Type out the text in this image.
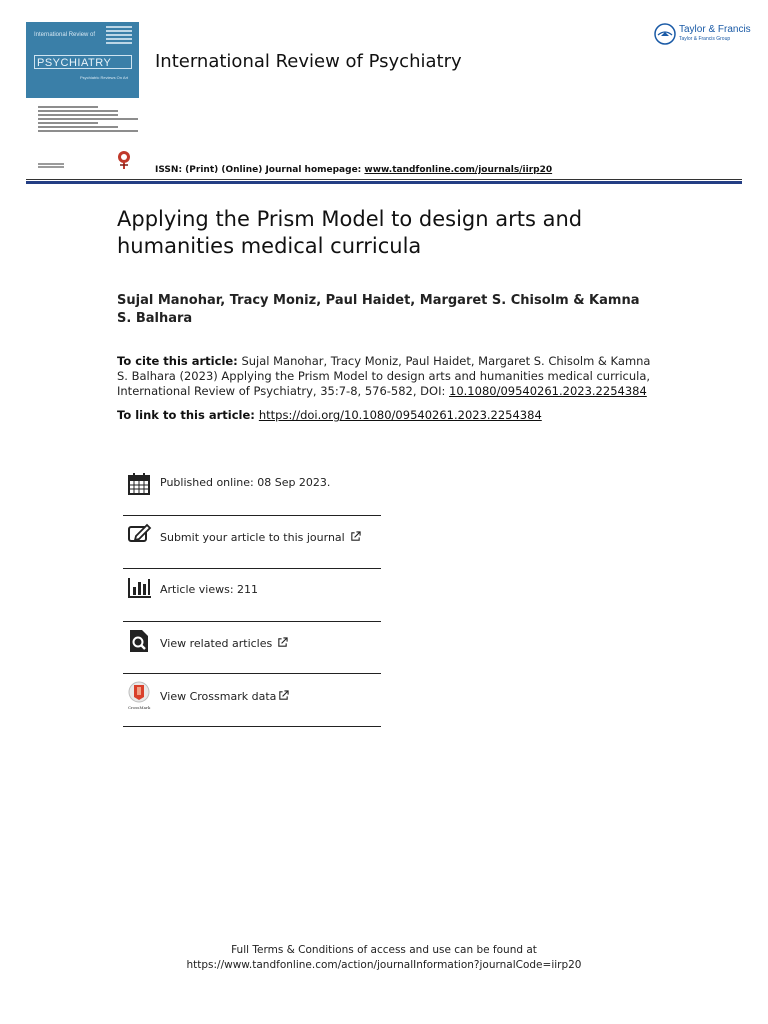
International Review of
PSYCHIATRY
Psychiatric Reviews On Art
International Review of Psychiatry
Taylor & Francis
Taylor & Francis Group
ISSN: (Print) (Online) Journal homepage: www.tandfonline.com/journals/iirp20
Applying the Prism Model to design arts and humanities medical curricula
Sujal Manohar, Tracy Moniz, Paul Haidet, Margaret S. Chisolm & Kamna S. Balhara
To cite this article: Sujal Manohar, Tracy Moniz, Paul Haidet, Margaret S. Chisolm & Kamna S. Balhara (2023) Applying the Prism Model to design arts and humanities medical curricula, International Review of Psychiatry, 35:7-8, 576-582, DOI: 10.1080/09540261.2023.2254384
To link to this article: https://doi.org/10.1080/09540261.2023.2254384
Published online: 08 Sep 2023.
Submit your article to this journal
Article views: 211
View related articles
CrossMark
View Crossmark data
Full Terms & Conditions of access and use can be found at
https://www.tandfonline.com/action/journalInformation?journalCode=iirp20
